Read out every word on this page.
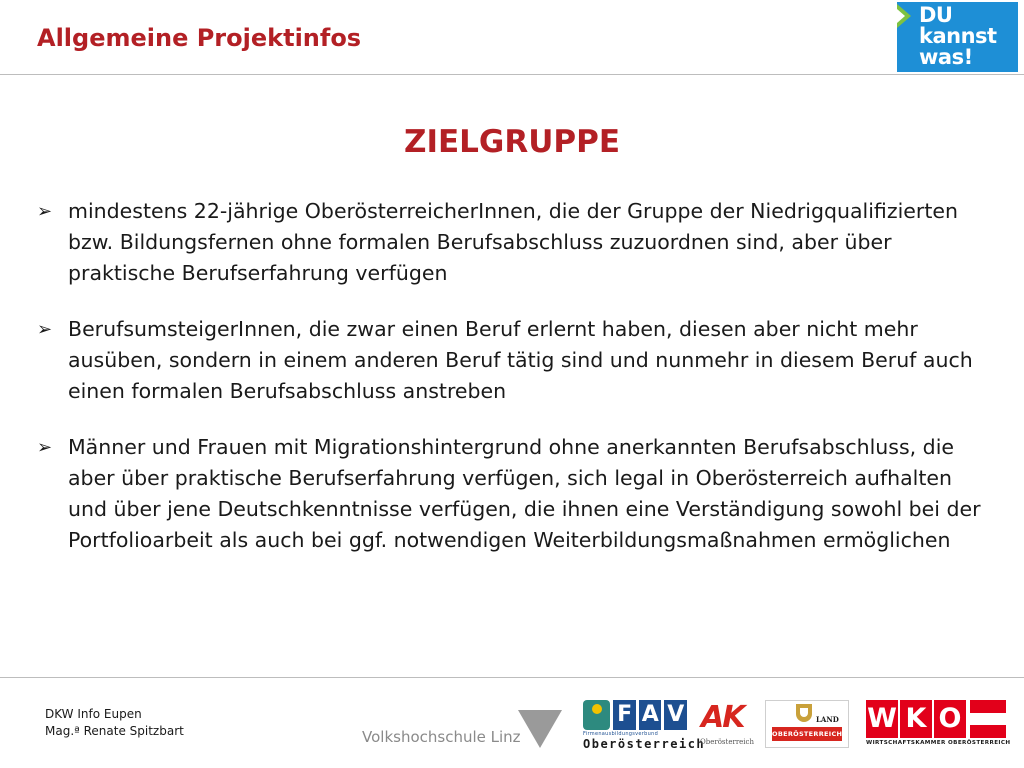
Allgemeine Projektinfos
DU
kannst
was!
ZIELGRUPPE
➢ mindestens 22-jährige OberösterreicherInnen, die der Gruppe der Niedrigqualifizierten bzw. Bildungsfernen ohne formalen Berufsabschluss zuzuordnen sind, aber über praktische Berufserfahrung verfügen
➢ BerufsumsteigerInnen, die zwar einen Beruf erlernt haben, diesen aber nicht mehr ausüben, sondern in einem anderen Beruf tätig sind und nunmehr in diesem Beruf auch einen formalen Berufsabschluss anstreben
➢ Männer und Frauen mit Migrationshintergrund ohne anerkannten Berufsabschluss, die aber über praktische Berufserfahrung verfügen, sich legal in Oberösterreich aufhalten und über jene Deutschkenntnisse verfügen, die ihnen eine Verständigung sowohl bei der Portfolioarbeit als auch bei ggf. notwendigen Weiterbildungsmaßnahmen ermöglichen
DKW Info Eupen
Mag.ª Renate Spitzbart	Volkshochschule Linz
F A V
Firmenausbildungsverbund
Oberösterreich
AK
Oberösterreich
LAND
OBERÖSTERREICH W K O
WIRTSCHAFTSKAMMER OBERÖSTERREICH
